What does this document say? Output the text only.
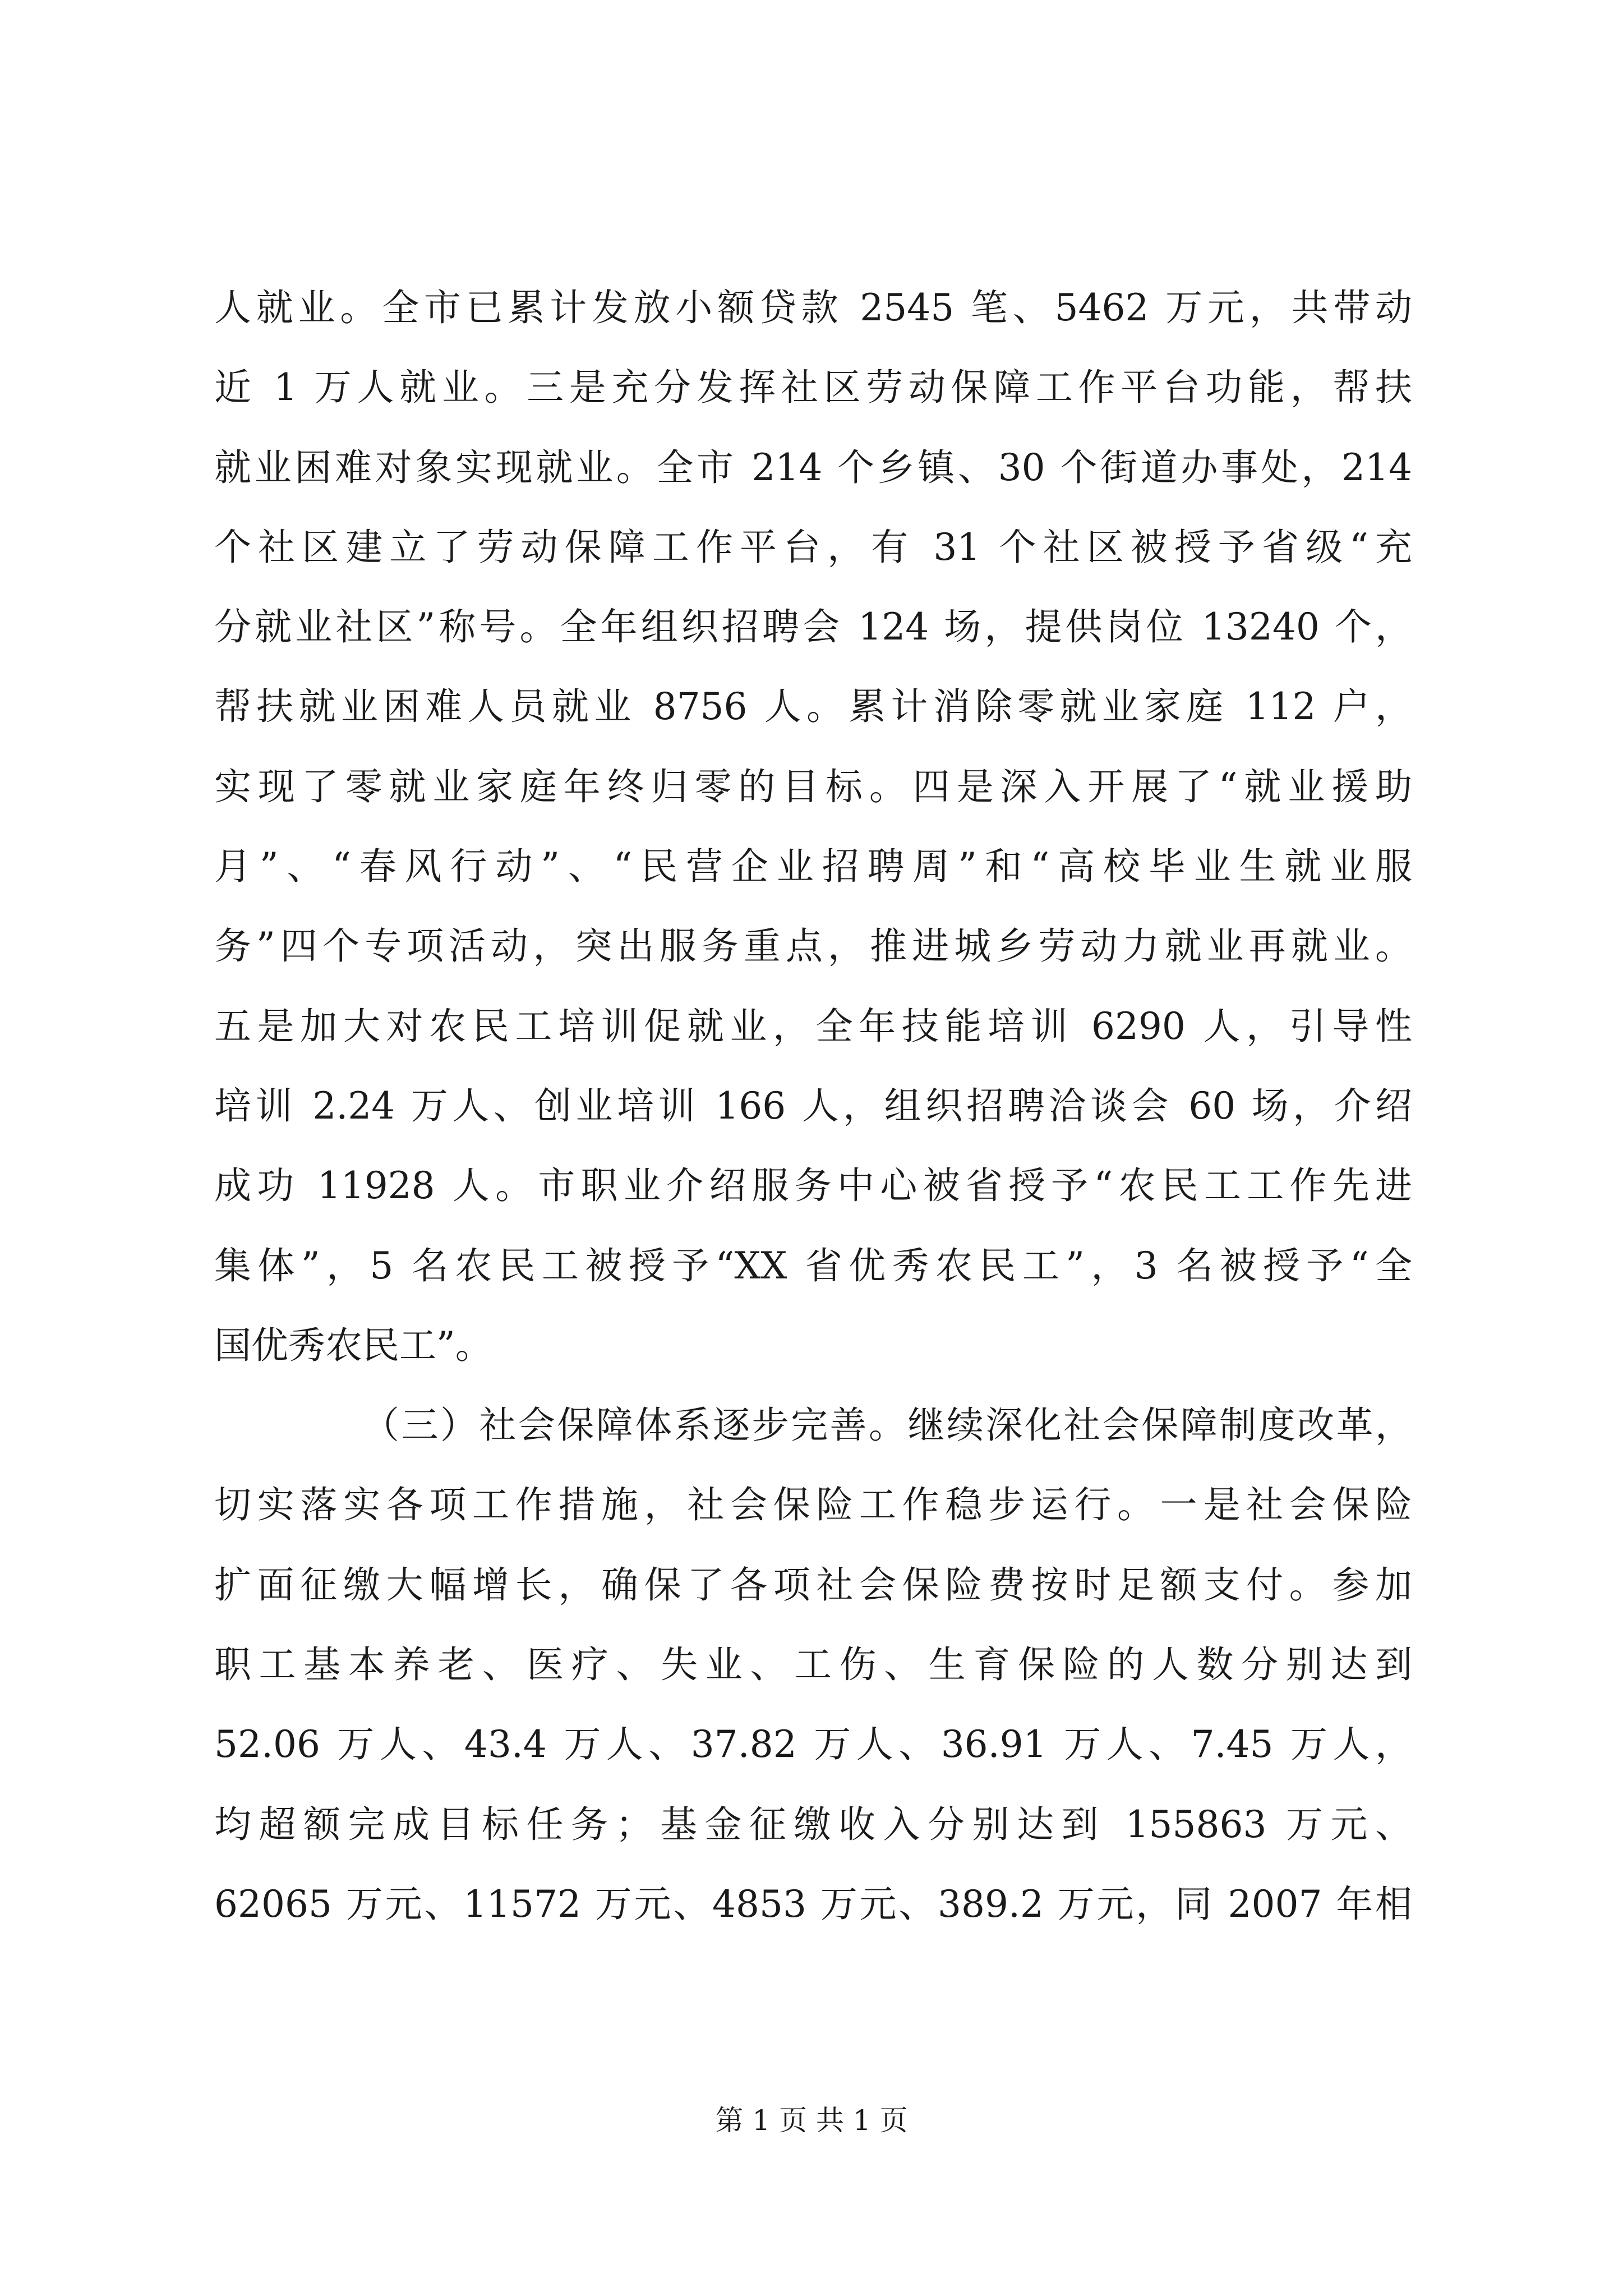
人就业。全市已累计发放小额贷款 2545 笔、5462 万元，共带动
近 1 万人就业。三是充分发挥社区劳动保障工作平台功能，帮扶
就业困难对象实现就业。全市 214 个乡镇、30 个街道办事处，214
个社区建立了劳动保障工作平台，有 31 个社区被授予省级“充
分就业社区”称号。全年组织招聘会 124 场，提供岗位 13240 个，
帮扶就业困难人员就业 8756 人。累计消除零就业家庭 112 户，
实现了零就业家庭年终归零的目标。四是深入开展了“就业援助
月”、“春风行动”、“民营企业招聘周”和“高校毕业生就业服
务”四个专项活动，突出服务重点，推进城乡劳动力就业再就业。
五是加大对农民工培训促就业，全年技能培训 6290 人，引导性
培训 2.24 万人、创业培训 166 人，组织招聘洽谈会 60 场，介绍
成功 11928 人。市职业介绍服务中心被省授予“农民工工作先进
集体”，5 名农民工被授予“XX 省优秀农民工”，3 名被授予“全
国优秀农民工”。
（三）社会保障体系逐步完善。继续深化社会保障制度改革，
切实落实各项工作措施，社会保险工作稳步运行。一是社会保险
扩面征缴大幅增长，确保了各项社会保险费按时足额支付。参加
职工基本养老、医疗、失业、工伤、生育保险的人数分别达到
52.06 万人、43.4 万人、37.82 万人、36.91 万人、7.45 万人，
均超额完成目标任务；基金征缴收入分别达到 155863 万元、
62065 万元、11572 万元、4853 万元、389.2 万元，同 2007 年相
第 1 页 共 1 页
